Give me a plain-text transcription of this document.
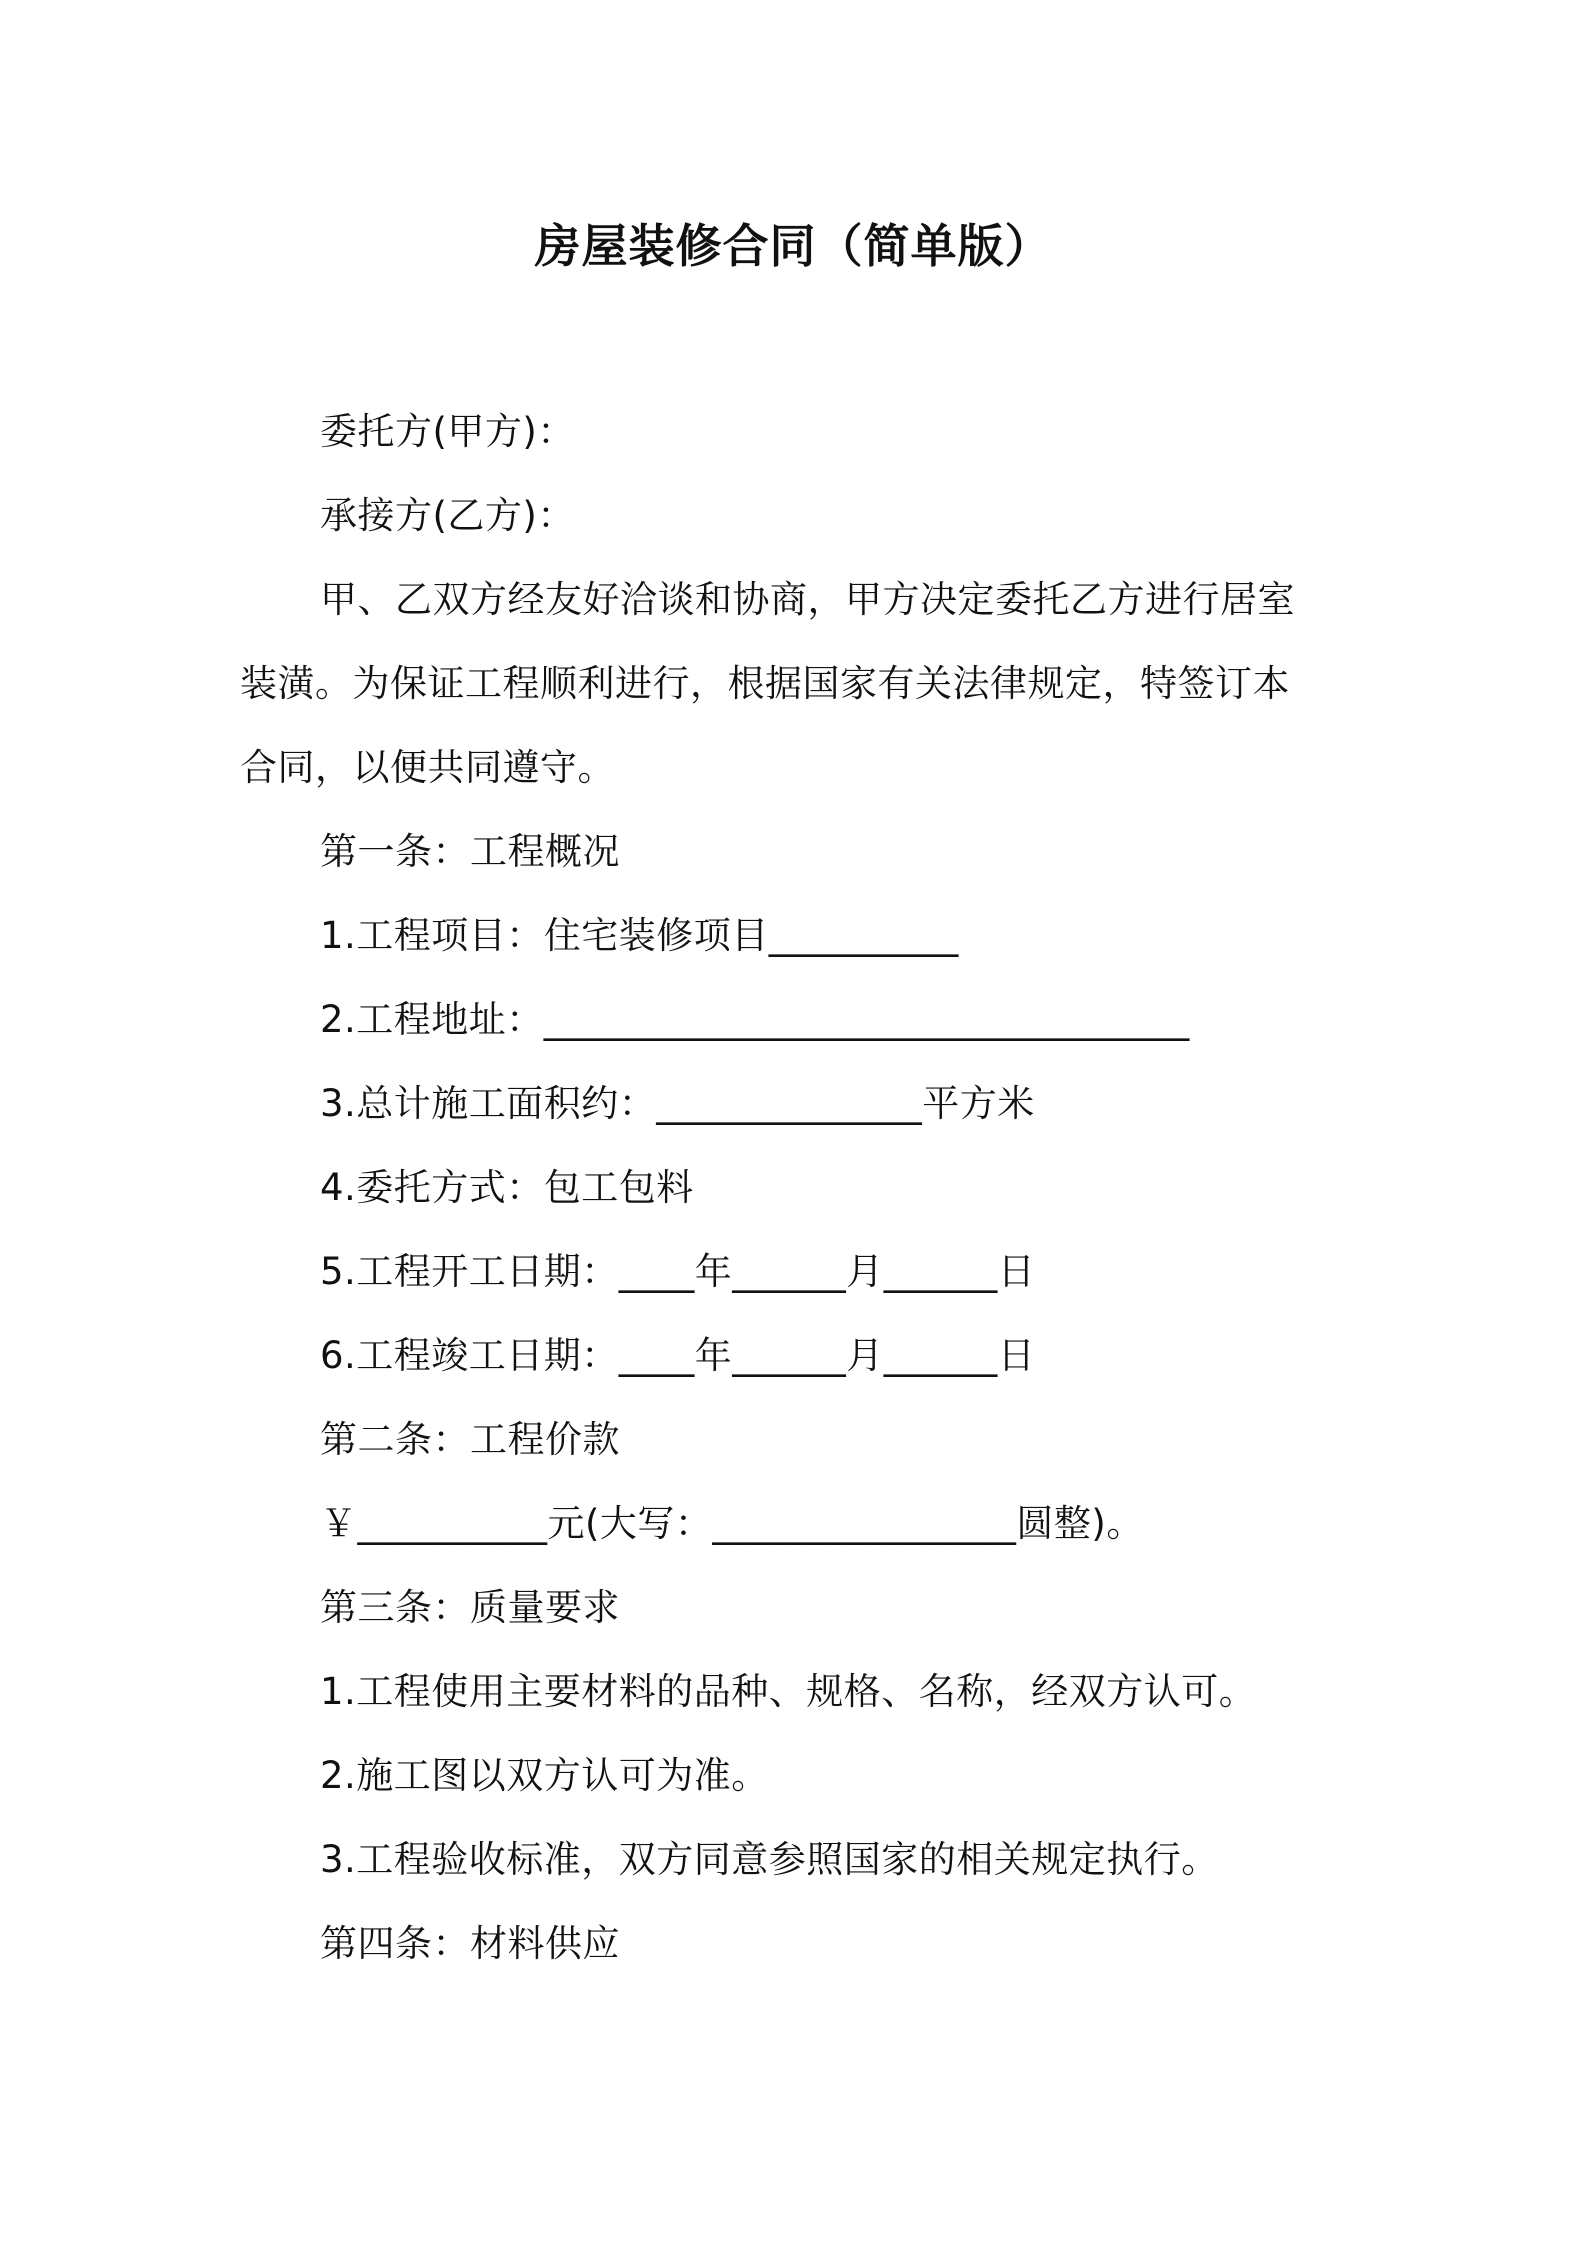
房屋装修合同（简单版）
委托方(甲方)：
承接方(乙方)：
甲、乙双方经友好洽谈和协商，甲方决定委托乙方进行居室
装潢。为保证工程顺利进行，根据国家有关法律规定，特签订本
合同，以便共同遵守。
第一条：工程概况
1.工程项目：住宅装修项目__________
2.工程地址：__________________________________
3.总计施工面积约：______________平方米
4.委托方式：包工包料
5.工程开工日期：____年______月______日
6.工程竣工日期：____年______月______日
第二条：工程价款
￥__________元(大写：________________圆整)。
第三条：质量要求
1.工程使用主要材料的品种、规格、名称，经双方认可。
2.施工图以双方认可为准。
3.工程验收标准，双方同意参照国家的相关规定执行。
第四条：材料供应
